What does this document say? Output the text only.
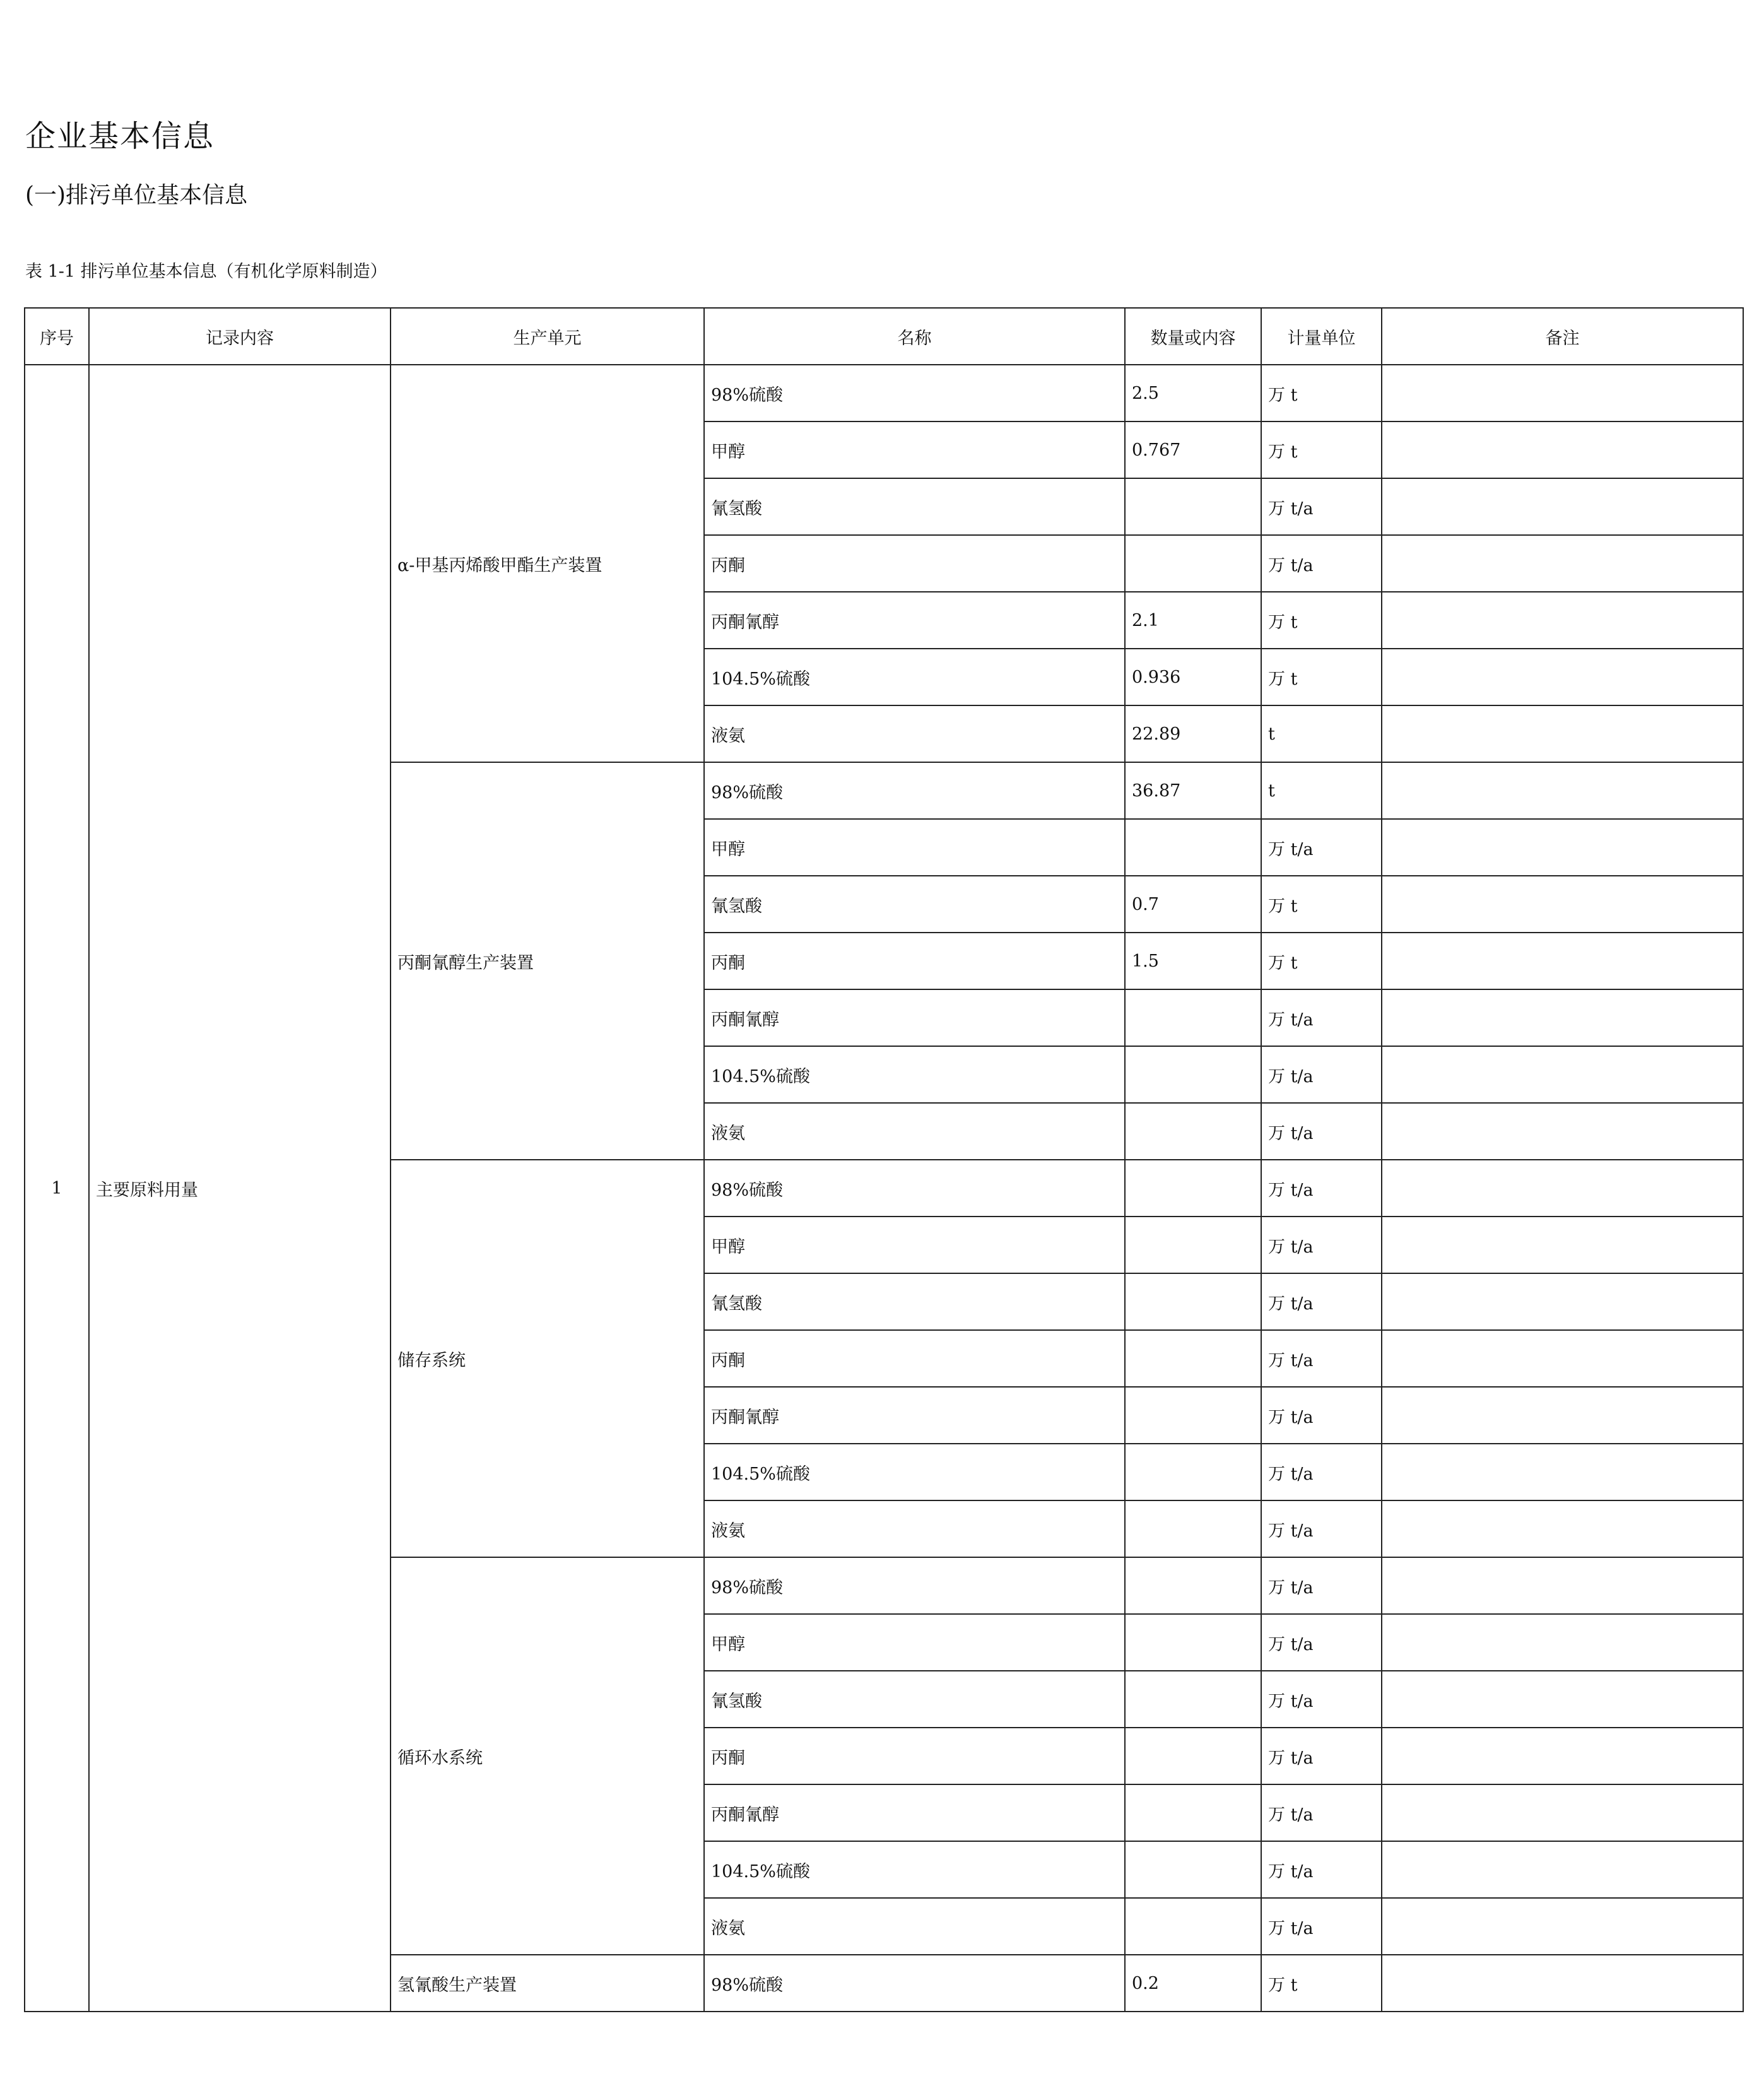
企业基本信息
(一)排污单位基本信息

表 1-1 排污单位基本信息（有机化学原料制造）

序号	记录内容	生产单元	名称	数量或内容	计量单位	备注
1	主要原料用量	α-甲基丙烯酸甲酯生产装置	98%硫酸	2.5	万 t	
			甲醇	0.767	万 t	
			氰氢酸		万 t/a	
			丙酮		万 t/a	
			丙酮氰醇	2.1	万 t	
			104.5%硫酸	0.936	万 t	
			液氨	22.89	t	
		丙酮氰醇生产装置	98%硫酸	36.87	t	
			甲醇		万 t/a	
			氰氢酸	0.7	万 t	
			丙酮	1.5	万 t	
			丙酮氰醇		万 t/a	
			104.5%硫酸		万 t/a	
			液氨		万 t/a	
		储存系统	98%硫酸		万 t/a	
			甲醇		万 t/a	
			氰氢酸		万 t/a	
			丙酮		万 t/a	
			丙酮氰醇		万 t/a	
			104.5%硫酸		万 t/a	
			液氨		万 t/a	
		循环水系统	98%硫酸		万 t/a	
			甲醇		万 t/a	
			氰氢酸		万 t/a	
			丙酮		万 t/a	
			丙酮氰醇		万 t/a	
			104.5%硫酸		万 t/a	
			液氨		万 t/a	
		氢氰酸生产装置	98%硫酸	0.2	万 t	
